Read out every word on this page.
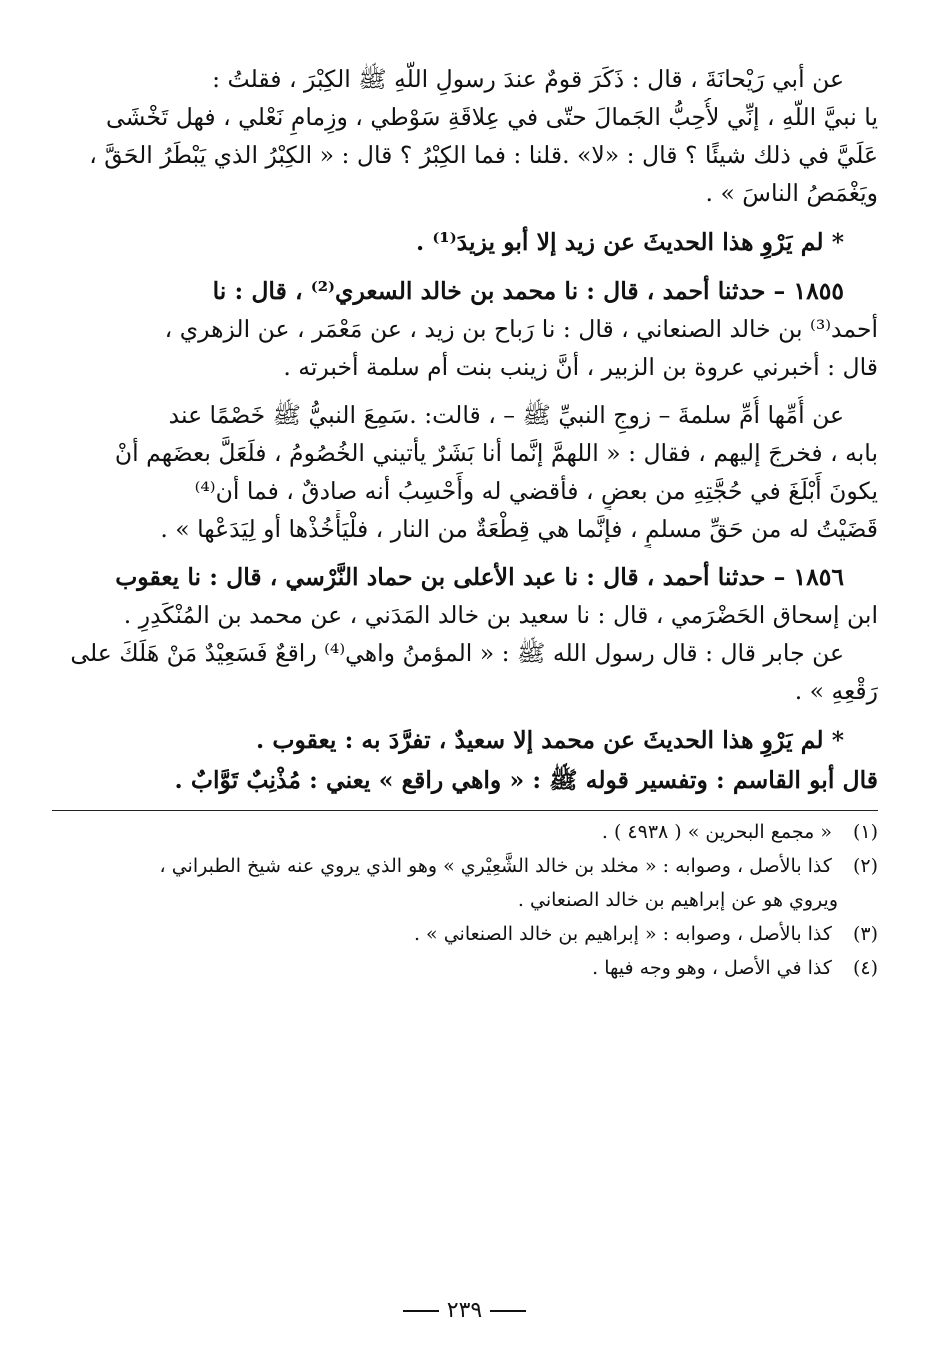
عن أبي رَيْحانَةَ ، قال : ذَكَرَ قومٌ عندَ رسولِ اللّهِ ﷺ الكِبْرَ ، فقلتُ :
يا نبيَّ اللّهِ ، إنِّي لأُحِبُّ الجَمالَ حتّى في عِلاقَةِ سَوْطي ، وزِمامِ نَعْلي ، فهل تَخْشَى
عَلَيَّ في ذلك شيئًا ؟ قال : «لا» .قلنا : فما الكِبْرُ ؟ قال : « الكِبْرُ الذي يَبْطَرُ الحَقَّ ،
ويَغْمَصُ الناسَ » .
* لم يَرْوِ هذا الحديثَ عن زيد إلا أبو يزيدَ⁽¹⁾ .
١٨٥٥ – حدثنا أحمد ، قال : نا محمد بن خالد السعري⁽²⁾ ، قال : نا
أحمد⁽³⁾ بن خالد الصنعاني ، قال : نا رَباح بن زيد ، عن مَعْمَر ، عن الزهري ،
قال : أخبرني عروة بن الزبير ، أنَّ زينب بنت أم سلمة أخبرته .
عن أُمِّها أُمِّ سلمةَ – زوجِ النبيِّ ﷺ – ، قالت: .سَمِعَ النبيُّ ﷺ خَصْمًا عند
بابه ، فخرجَ إليهم ، فقال : « اللهمَّ إنَّما أنا بَشَرٌ يأتيني الخُصُومُ ، فلَعَلَّ بعضَهم أنْ
يكونَ أَبْلَغَ في حُجَّتِهِ من بعضٍ ، فأقضي له وأَحْسِبُ أنه صادقٌ ، فما أن⁽⁴⁾
قَضَيْتُ له من حَقِّ مسلمٍ ، فإنَّما هي قِطْعَةٌ من النار ، فلْيَأْخُذْها أو لِيَدَعْها » .
١٨٥٦ – حدثنا أحمد ، قال : نا عبد الأعلى بن حماد النَّرْسي ، قال : نا يعقوب
ابن إسحاق الحَضْرَمي ، قال : نا سعيد بن خالد المَدَني ، عن محمد بن المُنْكَدِرِ .
عن جابر قال : قال رسول الله ﷺ : « المؤمنُ واهي⁽⁴⁾ راقعٌ فَسَعِيْدٌ مَنْ هَلَكَ على
رَقْعِهِ » .
* لم يَرْوِ هذا الحديثَ عن محمد إلا سعيدٌ ، تفرَّدَ به : يعقوب .
قال أبو القاسم : وتفسير قوله ﷺ : « واهي راقع » يعني : مُذْنِبٌ تَوَّابٌ .
(١) « مجمع البحرين » ( ٤٩٣٨ ) .
(٢) كذا بالأصل ، وصوابه : « مخلد بن خالد الشَّعِيْري » وهو الذي يروي عنه شيخ الطبراني ،
ويروي هو عن إبراهيم بن خالد الصنعاني .
(٣) كذا بالأصل ، وصوابه : « إبراهيم بن خالد الصنعاني » .
(٤) كذا في الأصل ، وهو وجه فيها .
٢٣٩
